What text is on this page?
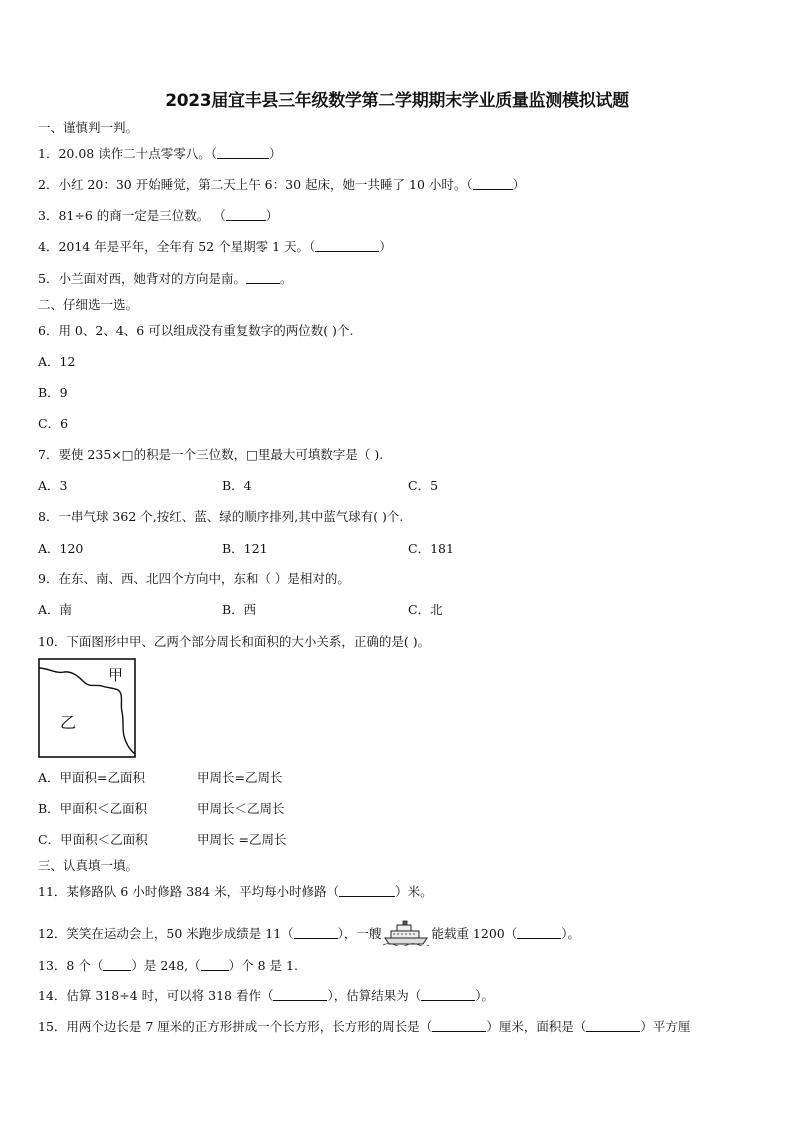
2023届宜丰县三年级数学第二学期期末学业质量监测模拟试题
一、谨慎判一判。
1．20.08 读作二十点零零八。（	）
2．小红 20：30 开始睡觉，第二天上午 6：30 起床，她一共睡了 10 小时。（	）
3．81÷6 的商一定是三位数。 （	）
4．2014 年是平年，全年有 52 个星期零 1 天。（	）
5．小兰面对西，她背对的方向是南。	。
二、仔细选一选。
6．用 0、2、4、6 可以组成没有重复数字的两位数( )个.
A．12
B．9
C．6
7．要使 235×□的积是一个三位数，□里最大可填数字是（ ).
A．3	B．4	C．5
8．一串气球 362 个,按红、蓝、绿的顺序排列,其中蓝气球有( )个.
A．120	B．121	C．181
9．在东、南、西、北四个方向中，东和（ ）是相对的。
A．南	B．西	C．北
10．下面图形中甲、乙两个部分周长和面积的大小关系，正确的是( )。
甲
乙
A．甲面积=乙面积	甲周长=乙周长
B．甲面积＜乙面积	甲周长＜乙周长
C．甲面积＜乙面积	甲周长 =乙周长
三、认真填一填。
11．某修路队 6 小时修路 384 米，平均每小时修路（	）米。
12．笑笑在运动会上，50 米跑步成绩是 11（	），一艘	能载重 1200（	）。
13．8 个（ ）是 248,（ ）个 8 是 1.
14．估算 318÷4 时，可以将 318 看作（	），估算结果为（	）。
15．用两个边长是 7 厘米的正方形拼成一个长方形，长方形的周长是（	）厘米，面积是（	）平方厘
